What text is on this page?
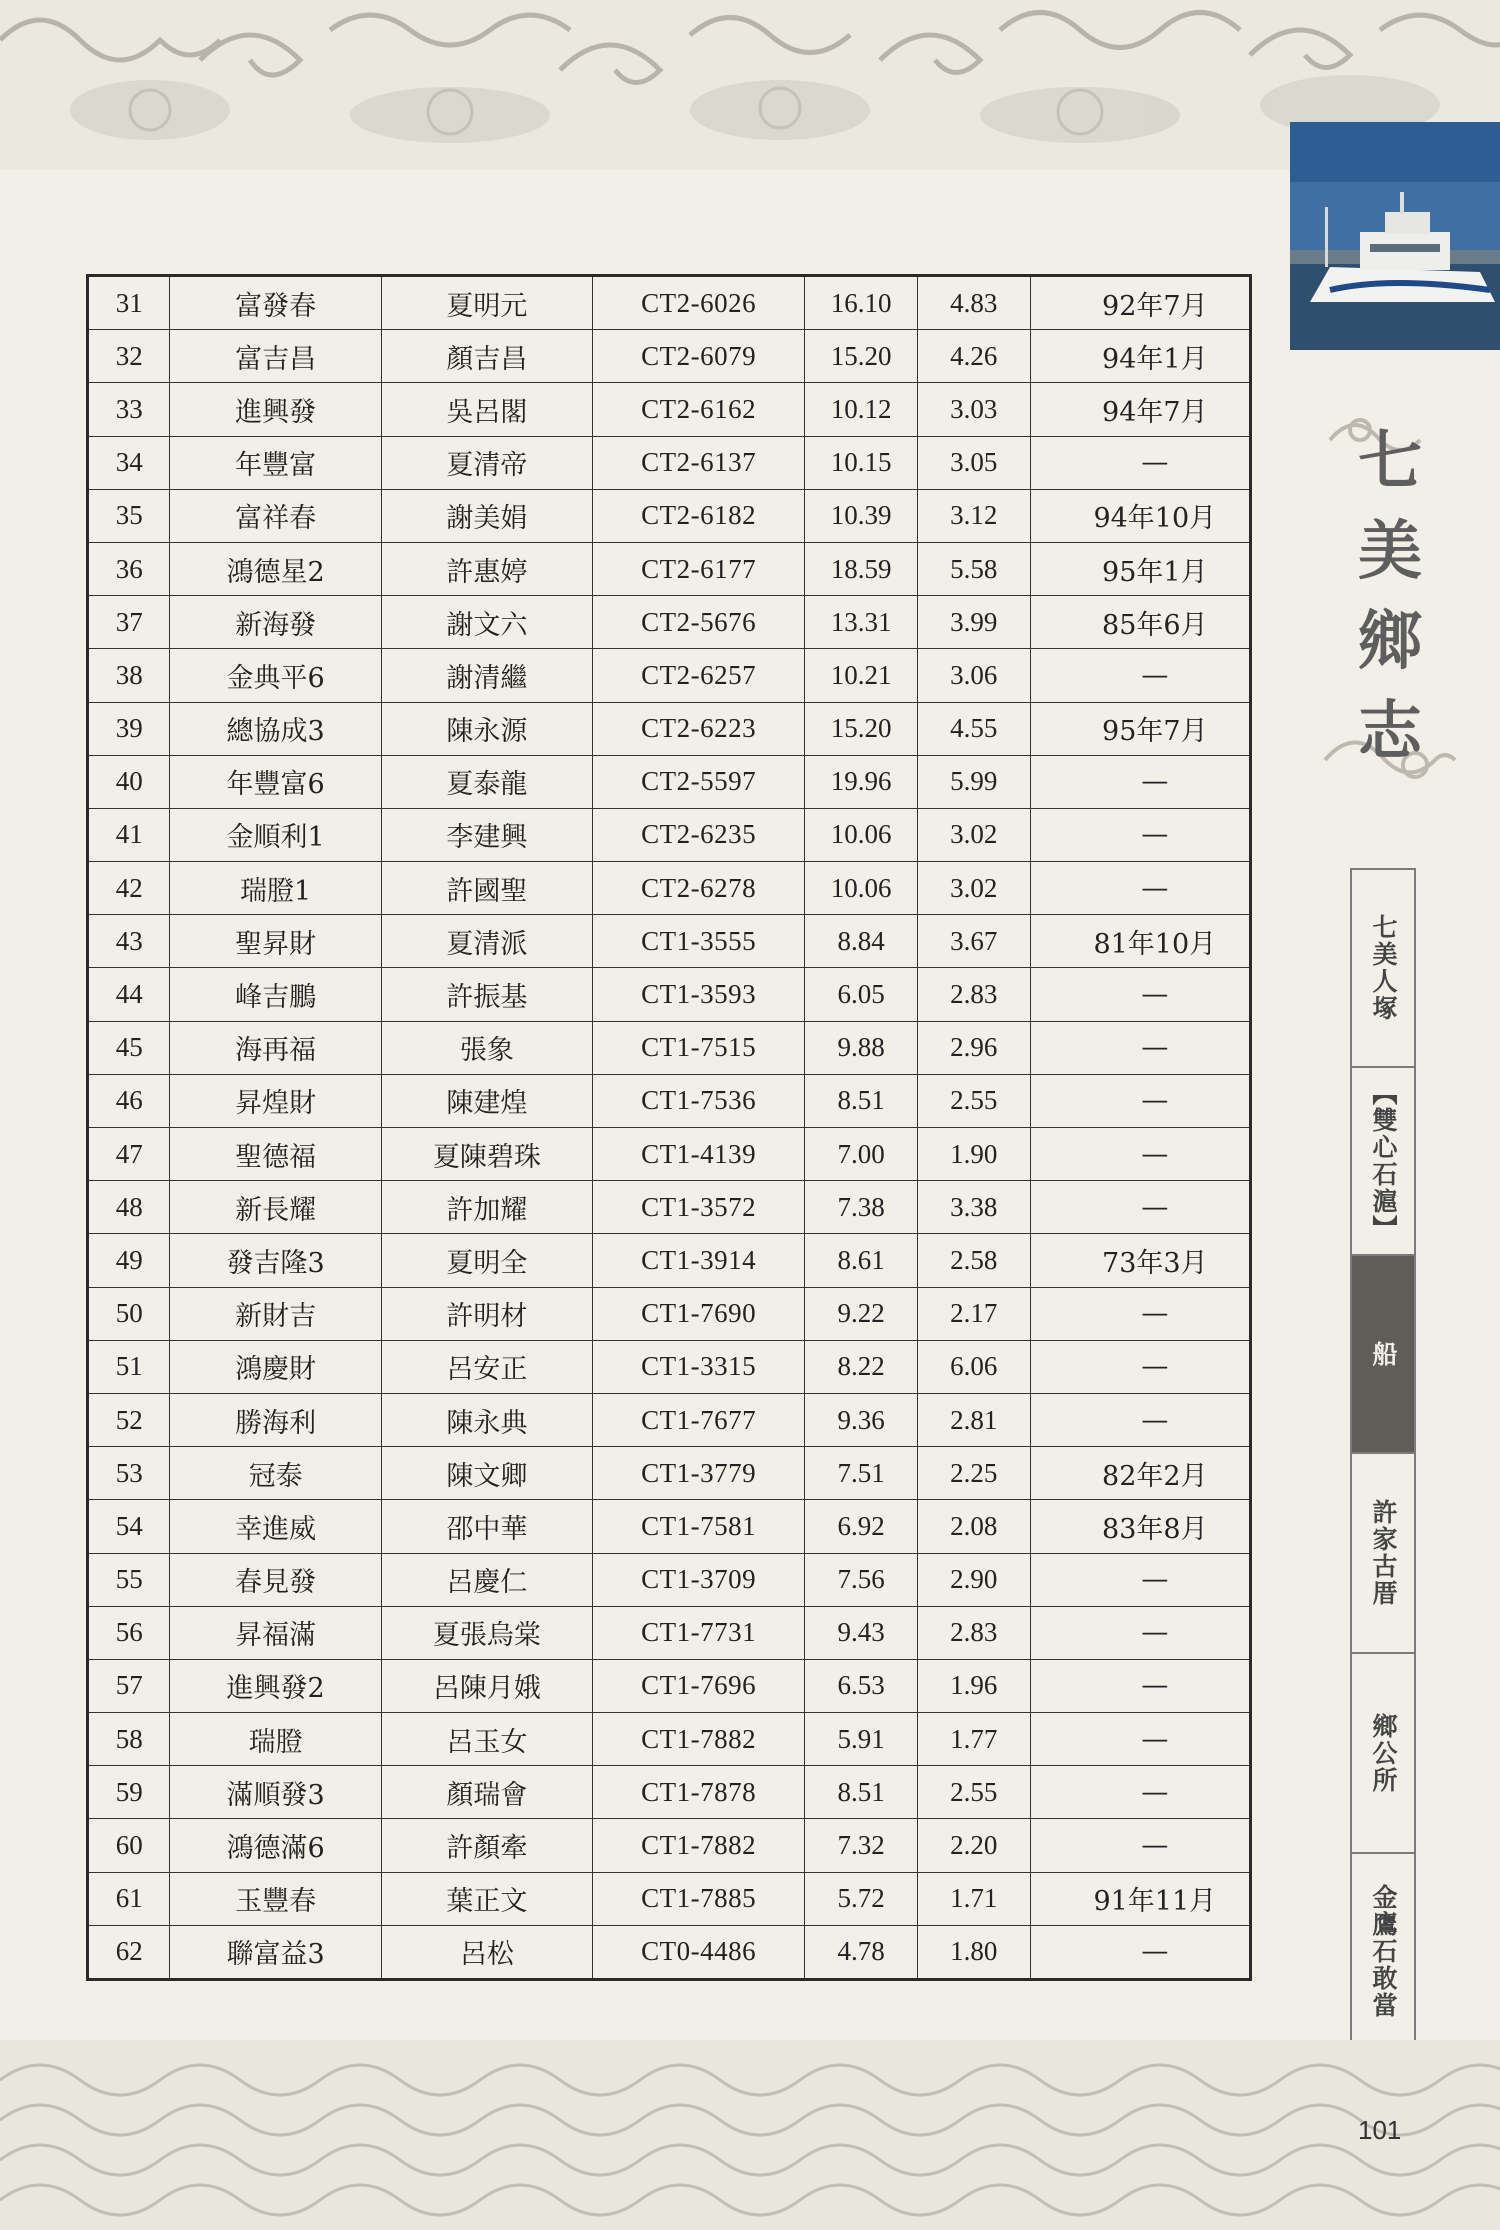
七
美
鄉
志
31	富發春	夏明元	CT2-6026	16.10	4.83	92年7月
32	富吉昌	顏吉昌	CT2-6079	15.20	4.26	94年1月
33	進興發	吳呂閣	CT2-6162	10.12	3.03	94年7月
34	年豐富	夏清帝	CT2-6137	10.15	3.05	—
35	富祥春	謝美娟	CT2-6182	10.39	3.12	94年10月
36	鴻德星2	許惠婷	CT2-6177	18.59	5.58	95年1月
37	新海發	謝文六	CT2-5676	13.31	3.99	85年6月
38	金典平6	謝清繼	CT2-6257	10.21	3.06	—
39	總協成3	陳永源	CT2-6223	15.20	4.55	95年7月
40	年豐富6	夏泰龍	CT2-5597	19.96	5.99	—
41	金順利1	李建興	CT2-6235	10.06	3.02	—
42	瑞膯1	許國聖	CT2-6278	10.06	3.02	—
43	聖昇財	夏清派	CT1-3555	8.84	3.67	81年10月
44	峰吉鵬	許振基	CT1-3593	6.05	2.83	—
45	海再福	張象	CT1-7515	9.88	2.96	—
46	昇煌財	陳建煌	CT1-7536	8.51	2.55	—
47	聖德福	夏陳碧珠	CT1-4139	7.00	1.90	—
48	新長耀	許加耀	CT1-3572	7.38	3.38	—
49	發吉隆3	夏明全	CT1-3914	8.61	2.58	73年3月
50	新財吉	許明材	CT1-7690	9.22	2.17	—
51	鴻慶財	呂安正	CT1-3315	8.22	6.06	—
52	勝海利	陳永典	CT1-7677	9.36	2.81	—
53	冠泰	陳文卿	CT1-3779	7.51	2.25	82年2月
54	幸進威	邵中華	CT1-7581	6.92	2.08	83年8月
55	春見發	呂慶仁	CT1-3709	7.56	2.90	—
56	昇福滿	夏張烏棠	CT1-7731	9.43	2.83	—
57	進興發2	呂陳月娥	CT1-7696	6.53	1.96	—
58	瑞膯	呂玉女	CT1-7882	5.91	1.77	—
59	滿順發3	顏瑞會	CT1-7878	8.51	2.55	—
60	鴻德滿6	許顏牽	CT1-7882	7.32	2.20	—
61	玉豐春	葉正文	CT1-7885	5.72	1.71	91年11月
62	聯富益3	呂松	CT0-4486	4.78	1.80	—
七美人塚
【雙心石滬】
船
許家古厝
鄉公所
金鷹石敢當
101
